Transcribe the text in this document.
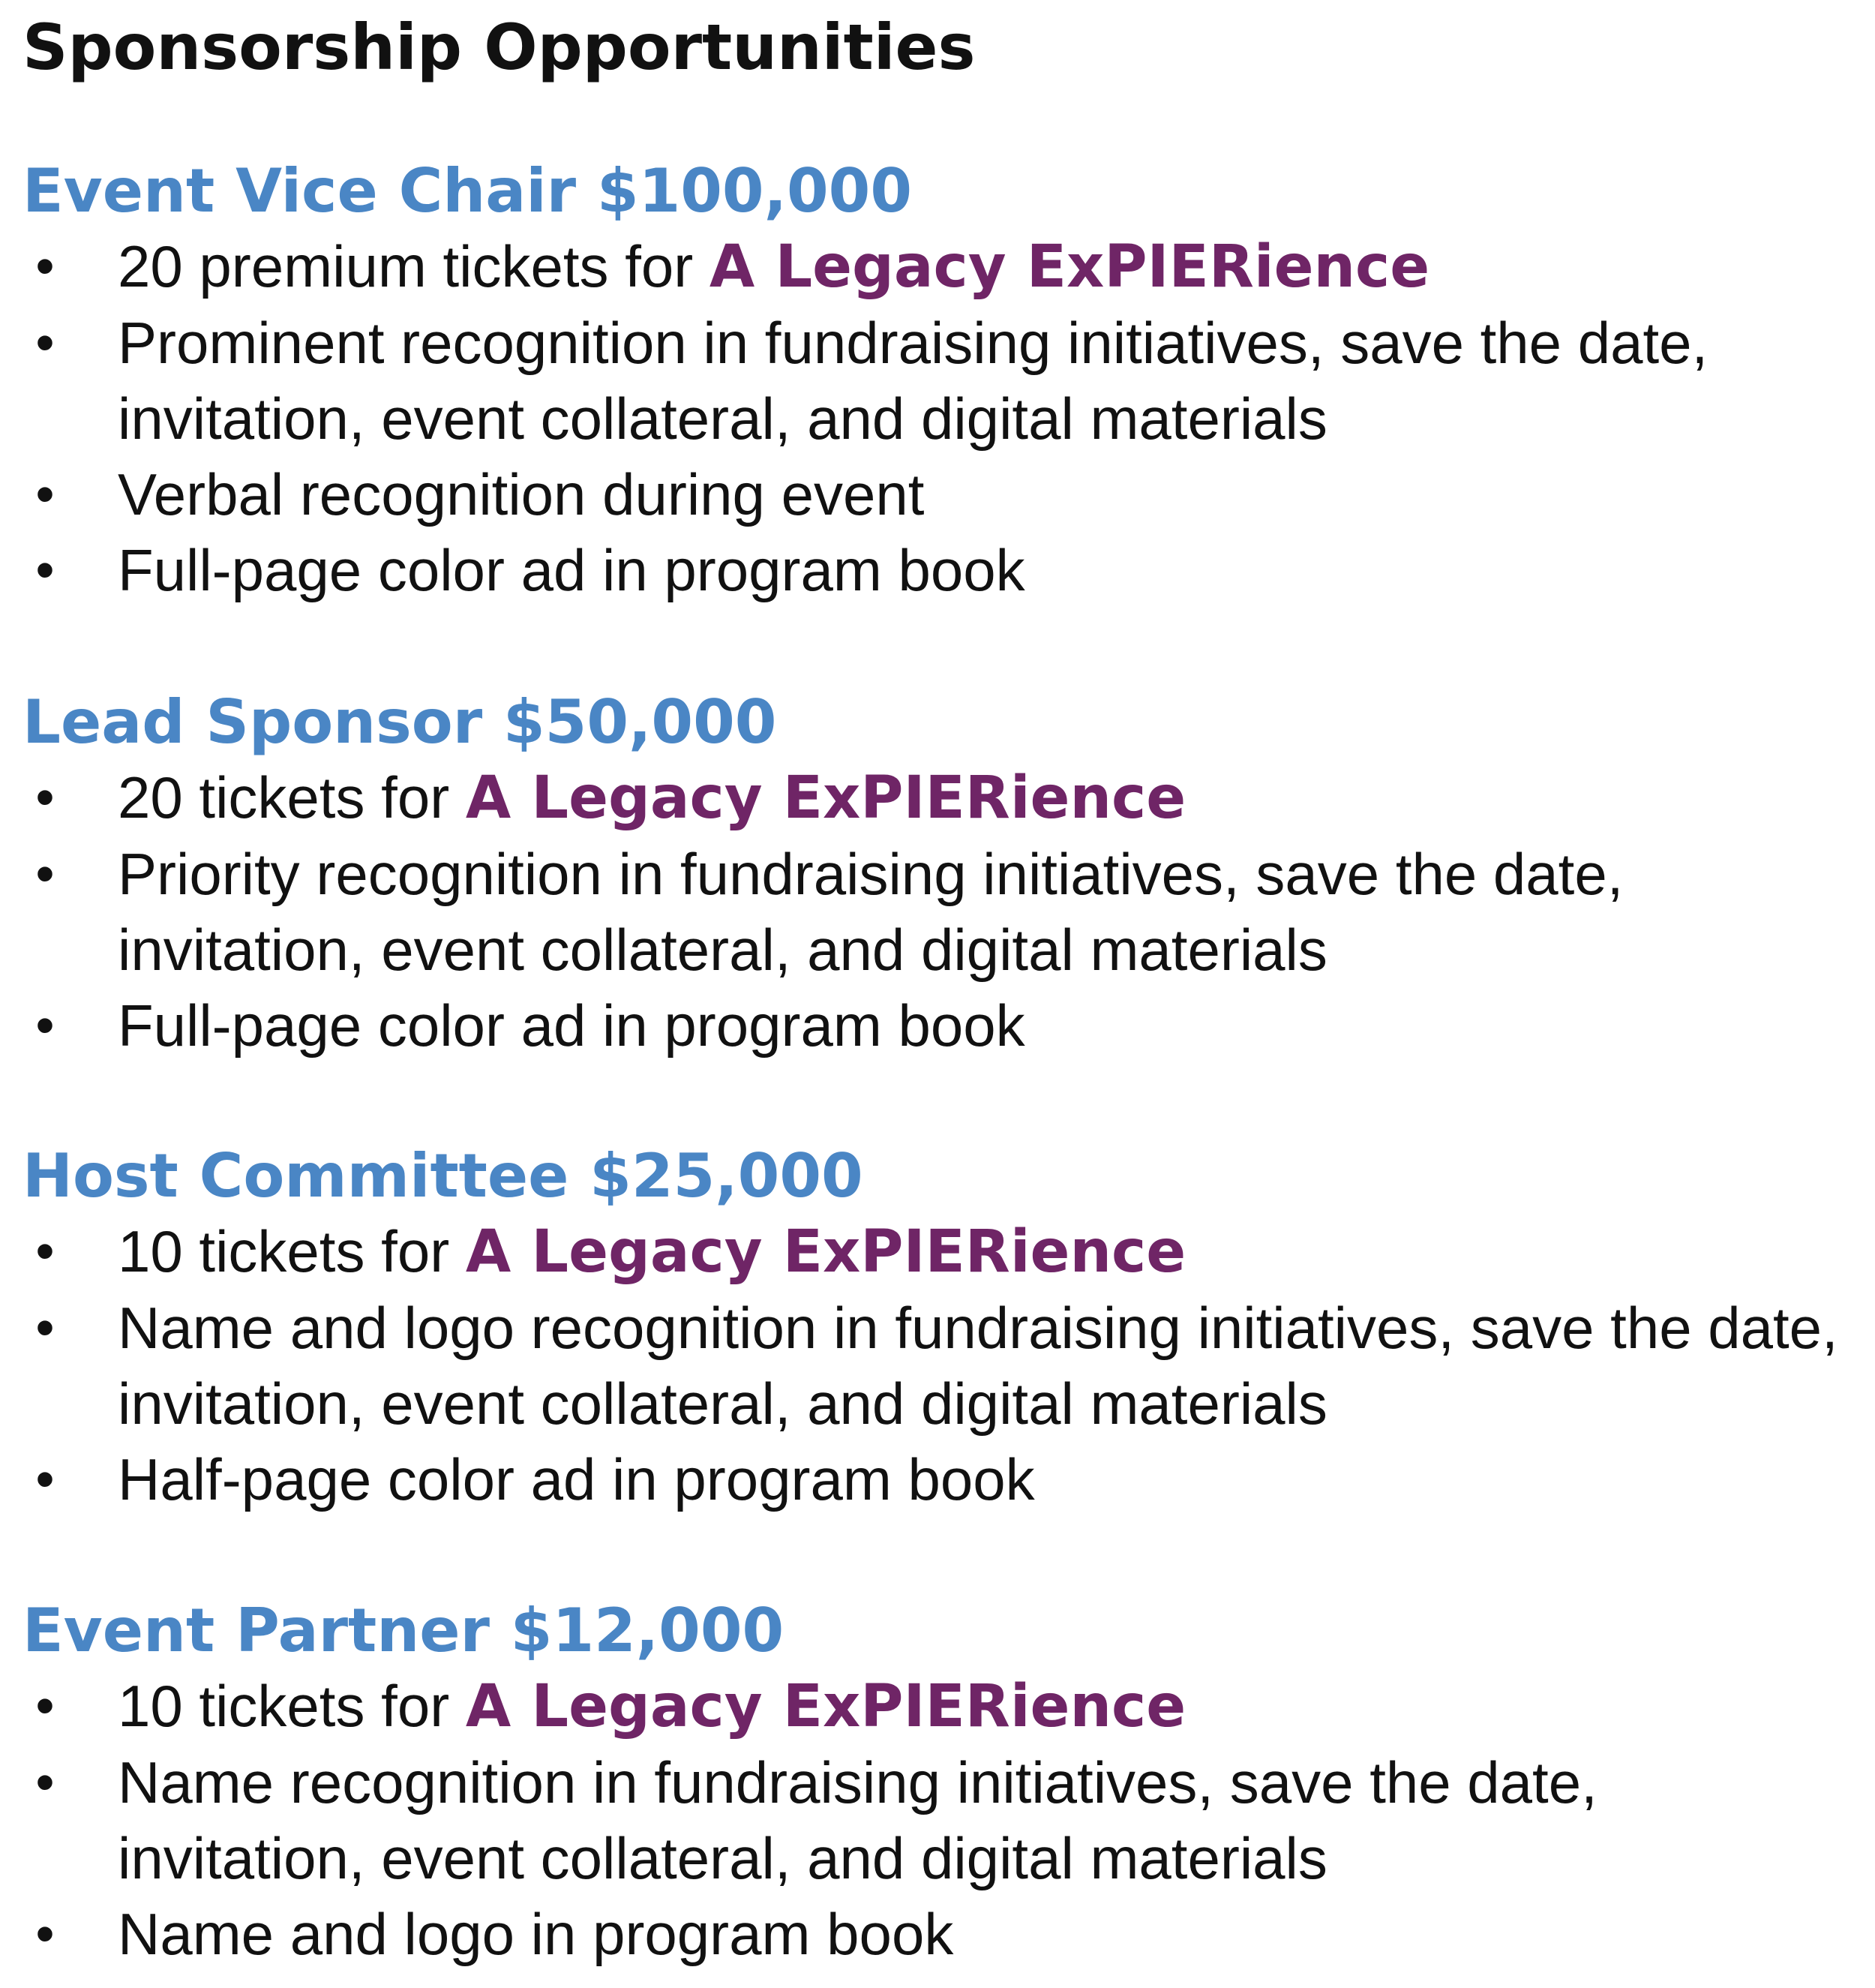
Sponsorship Opportunities
Event Vice Chair $100,000
• 20 premium tickets for A Legacy ExPIERience
• Prominent recognition in fundraising initiatives, save the date, invitation, event collateral, and digital materials
• Verbal recognition during event
• Full-page color ad in program book
Lead Sponsor $50,000
• 20 tickets for A Legacy ExPIERience
• Priority recognition in fundraising initiatives, save the date, invitation, event collateral, and digital materials
• Full-page color ad in program book
Host Committee $25,000
• 10 tickets for A Legacy ExPIERience
• Name and logo recognition in fundraising initiatives, save the date, invitation, event collateral, and digital materials
• Half-page color ad in program book
Event Partner $12,000
• 10 tickets for A Legacy ExPIERience
• Name recognition in fundraising initiatives, save the date, invitation, event collateral, and digital materials
• Name and logo in program book
